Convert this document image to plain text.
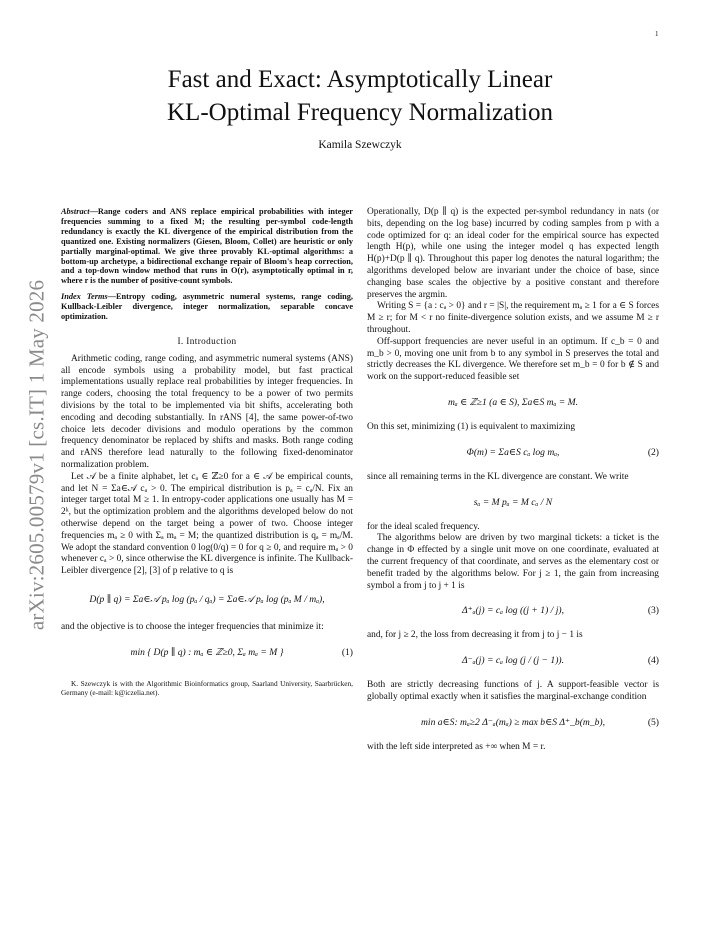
1
arXiv:2605.00579v1 [cs.IT] 1 May 2026
Fast and Exact: Asymptotically Linear
KL-Optimal Frequency Normalization
Kamila Szewczyk

Abstract—Range coders and ANS replace empirical probabilities with integer frequencies summing to a fixed M; the resulting per-symbol code-length redundancy is exactly the KL divergence of the empirical distribution from the quantized one. Existing normalizers (Giesen, Bloom, Collet) are heuristic or only partially marginal-optimal. We give three provably KL-optimal algorithms: a bottom-up archetype, a bidirectional exchange repair of Bloom's heap correction, and a top-down window method that runs in O(r), asymptotically optimal in r, where r is the number of positive-count symbols.

Index Terms—Entropy coding, asymmetric numeral systems, range coding, Kullback-Leibler divergence, integer normalization, separable concave optimization.

I. Introduction

Arithmetic coding, range coding, and asymmetric numeral systems (ANS) all encode symbols using a probability model, but fast practical implementations usually replace real probabilities by integer frequencies. In range coders, choosing the total frequency to be a power of two permits divisions by the total to be implemented via bit shifts, accelerating both encoding and decoding substantially. In rANS [4], the same power-of-two choice lets decoder divisions and modulo operations by the common frequency denominator be replaced by shifts and masks. Both range coding and rANS therefore lead naturally to the following fixed-denominator normalization problem.

Let 𝒜 be a finite alphabet, let cₐ ∈ ℤ≥0 for a ∈ 𝒜 be empirical counts, and let N = Σa∈𝒜 cₐ > 0. The empirical distribution is pₐ = cₐ/N. Fix an integer target total M ≥ 1. In entropy-coder applications one usually has M = 2ᵏ, but the optimization problem and the algorithms developed below do not otherwise depend on the target being a power of two. Choose integer frequencies mₐ ≥ 0 with Σₐ mₐ = M; the quantized distribution is qₐ = mₐ/M. We adopt the standard convention 0 log(0/q) = 0 for q ≥ 0, and require mₐ > 0 whenever cₐ > 0, since otherwise the KL divergence is infinite. The Kullback-Leibler divergence [2], [3] of p relative to q is

D(p ∥ q) = Σa∈𝒜 pₐ log (pₐ / qₐ) = Σa∈𝒜 pₐ log (pₐ M / mₐ),

and the objective is to choose the integer frequencies that minimize it:

min { D(p ∥ q) : mₐ ∈ ℤ≥0, Σₐ mₐ = M }	(1)

K. Szewczyk is with the Algorithmic Bioinformatics group, Saarland University, Saarbrücken, Germany (e-mail: k@iczelia.net).

Operationally, D(p ∥ q) is the expected per-symbol redundancy in nats (or bits, depending on the log base) incurred by coding samples from p with a code optimized for q: an ideal coder for the empirical source has expected length H(p), while one using the integer model q has expected length H(p)+D(p ∥ q). Throughout this paper log denotes the natural logarithm; the algorithms developed below are invariant under the choice of base, since changing base scales the objective by a positive constant and therefore preserves the argmin.

Writing S = {a : cₐ > 0} and r = |S|, the requirement mₐ ≥ 1 for a ∈ S forces M ≥ r; for M < r no finite-divergence solution exists, and we assume M ≥ r throughout.

Off-support frequencies are never useful in an optimum. If c_b = 0 and m_b > 0, moving one unit from b to any symbol in S preserves the total and strictly decreases the KL divergence. We therefore set m_b = 0 for b ∉ S and work on the support-reduced feasible set

mₐ ∈ ℤ≥1 (a ∈ S), Σa∈S mₐ = M.

On this set, minimizing (1) is equivalent to maximizing

Φ(m) = Σa∈S cₐ log mₐ,	(2)

since all remaining terms in the KL divergence are constant. We write

sₐ = M pₐ = M cₐ / N

for the ideal scaled frequency.

The algorithms below are driven by two marginal tickets: a ticket is the change in Φ effected by a single unit move on one coordinate, evaluated at the current frequency of that coordinate, and serves as the elementary cost or benefit traded by the algorithms below. For j ≥ 1, the gain from increasing symbol a from j to j + 1 is

Δ⁺ₐ(j) = cₐ log ((j + 1) / j),	(3)

and, for j ≥ 2, the loss from decreasing it from j to j − 1 is

Δ⁻ₐ(j) = cₐ log (j / (j − 1)).	(4)

Both are strictly decreasing functions of j. A support-feasible vector is globally optimal exactly when it satisfies the marginal-exchange condition

min a∈S: mₐ≥2 Δ⁻ₐ(mₐ) ≥ max b∈S Δ⁺_b(m_b),	(5)

with the left side interpreted as +∞ when M = r.
